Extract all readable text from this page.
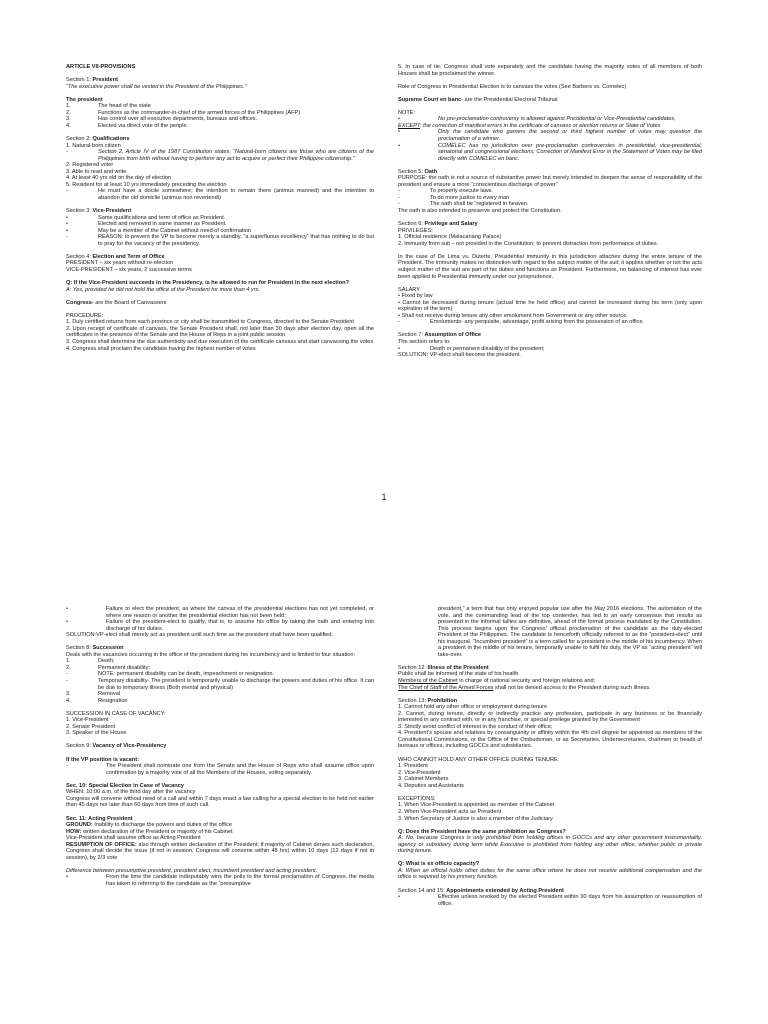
ARTICLE VII-PROVISIONS
Section 1: President
“The executive power shall be vested in the President of the Philippines.”
The president
1.	The head of the state
2.	Functions as the commander-in-chief of the armed forces of the Philippines (AFP)
3.	Has control over all executive departments, bureaus and offices.
4.	Elected via direct vote of the people.
Section 2: Qualifications
1. Natural-born citizen
-	Section 2, Article IV of the 1987 Constitution states, “Natural-born citizens are those who are citizens of the Philippines from birth without having to perform any act to acquire or perfect their Philippine citizenship.”
2. Registered voter
3. Able to read and write
4. At least 40 yrs old on the day of election
5. Resident for at least 10 yrs immediately preceding the election
-	He must have a docile somewhere; the intention to remain there (animus manned) and the intention to abandon the old domicile (animus non revertendi)
Section 3: Vice-President
•	Same qualifications and term of office as President.
•	Elected and removed in same manner as President.
•	May be a member of the Cabinet without need of confirmation
-	REASON: to prevent the VP to become merely a standby, “a superfluous excellency” that has nothing to do but to pray for the vacancy of the presidency.
Section 4: Election and Term of Office
PRESIDENT – six years without re-election
VICE-PRESIDENT – six years, 2 successive terms
Q: If the Vice-President succeeds in the Presidency, is he allowed to run for President in the next election?
A: Yes, provided he did not hold the office of the President for more than 4 yrs.
Congress- are the Board of Canvassers
PROCEDURE:
1. Duly certified returns from each province or city shall be transmitted to Congress, directed to the Senate President
2. Upon receipt of certificate of canvass, the Senate President shall, not later than 30 days after election day, open all the certificates in the presence of the Senate and the House of Reps in a joint public session
3. Congress shall determine the due authenticity and due execution of the certificate canvass and start canvassing the votes
4. Congress shall proclaim the candidate having the highest number of votes
5. In case of tie, Congress shall vote separately and the candidate having the majority votes of all members of both Houses shall be proclaimed the winner.
Role of Congress in Presidential Election is to canvass the votes (See Barbers vs. Comelec)
Supreme Court en banc- are the Presidential Electoral Tribunal
NOTE:
•	No pre-proclamation controversy is allowed against Presidential or Vice-Presidential candidates,
EXCEPT: the correction of manifest errors in the certificate of canvass or election returns or State of Votes
•	Only the candidate who garners the second or third highest number of votes may question the proclamation of a winner.
•	COMELEC has no jurisdiction over pre-proclamation controversies in presidential, vice-presidential, senatorial and congressional elections; Correction of Manifest Error in the Statement of Votes may be filed directly with COMELEC en banc.
Section 5: Oath
PURPOSE: the oath is not a source of substantive power but merely intended to deepen the sense of responsibility of the president and ensure a more “conscientious discharge of power”
-	To properly execute laws
-	To do more justice to every man
-	The oath shall be “registered in heaven.
The oath is also intended to preserve and protect the Constitution.
Section 6: Privilege and Salary
PRIVILEGES:
1. Official residence (Malacanang Palace)
2. Immunity from suit – not provided in the Constitution; to prevent distraction from performance of duties.
In the case of De Lima vs. Duterte, Presidential immunity in this jurisdiction attaches during the entire tenure of the President. The immunity makes no distinction with regard to the subject matter of the suit; it applies whether or not the acts subject matter of the suit are part of his duties and functions as President. Furthermore, no balancing of interest has ever been applied to Presidential immunity under our jurisprudence.
SALARY
• Fixed by law
• Cannot be decreased during tenure (actual time he held office) and cannot be increased during his term (only upon expiration of the term)
• Shall not receive during tenure any other emolument from Government or any other source.
-	Emoluments- any perquisite, advantage, profit arising from the possession of an office.
Section 7: Assumption of Office
The section refers to:
•	Death or permanent disability of the president;
SOLUTION: VP-elect shall become the president.
1
•	Failure to elect the president, as where the canvas of the presidential elections has not yet completed, or where one reason or another the presidential election has not been held;
•	Failure of the president-elect to qualify, that is, to assume his office by taking the oath and entering into discharge of his duties.
SOLUTION:VP-elect shall merely act as president until such time as the president shall have been qualified.
Section 8: Succession
Deals with the vacancies occurring in the office of the president during his incumbency and is limited to four situation:
1.	Death;
2.	Permanent disability;
-	NOTE: permanent disability can be death, impeachment or resignation.
-	Temporary disability- The president is temporarily unable to discharge the powers and duties of his office. It can be due to temporary illness (Both mental and physical)
3.	Removal
4.	Resignation
SUCCESSION IN CASE OF VACANCY:
1. Vice-President
2. Senate President
3. Speaker of the House
Section 9: Vacancy of Vice-Presidency
If the VP position is vacant:
-	The President shall nominate one from the Senate and the House of Reps who shall assume office upon confirmation by a majority vote of all the Members of the Houses, voting separately.
Sec. 10: Special Election in Case of Vacancy
WHEN: 10:00 a.m. of the third day after the vacancy
Congress will convene without need of a call and within 7 days enact a law calling for a special election to be held not earlier than 45 days nor later than 60 days from time of such call.
Sec. 11: Acting President
GROUND: Inability to discharge the powers and duties of the office
HOW: written declaration of the President or majority of his Cabinet
Vice-President shall assume office as Acting President
RESUMPTION OF OFFICE: also through written declaration of the President; if majority of Cabinet denies such declaration, Congress shall decide the issue (if not in session, Congress will convene within 48 hrs) within 10 days (12 days if not in session), by 2/3 vote
Difference between presumptive president, president elect, incumbent president and acting president.
•	From the time the candidate indisputably wins the polls to the formal proclamation of Congress, the media has taken to referring to the candidate as the “presumptive
president,” a term that has only enjoyed popular use after the May 2016 elections. The automation of the vote, and the commanding lead of the top contender, has led to an early consensus that results as presented in the informal tallies are definitive, ahead of the formal process mandated by the Constitution. This process begins upon the Congress’ official proclamation of the candidate as the duly-elected President of the Philippines. The candidate is henceforth officially referred to as the “president-elect” until his inaugural. “Incumbent president” is a term called for a president in the middle of his incumbency. When a president in the middle of his tenure, temporarily unable to fulfil his duty, the VP as “acting president” will take-over.
Section 12: Illness of the President
Public shall be informed of the state of his health
Members of the Cabinet in charge of national security and foreign relations and;
The Chief of Staff of the Armed Forces shall not be denied access to the President during such illness.
Section 13: Prohibition
1. Cannot hold any other office or employment during tenure
2. Cannot, during tenure, directly or indirectly practice any profession, participate in any business or be financially interested in any contract with, or in any franchise, or special privilege granted by the Government
3. Strictly avoid conflict of interest in the conduct of their office;
4. President’s spouse and relatives by consanguinity or affinity within the 4th civil degree be appointed as members of the Constitutional Commissions, or the Office of the Ombudsman, or as Secretaries, Undersecretaries, chairmen or heads of bureaus or offices, including GOCCs and subsidiaries.
WHO CANNOT HOLD ANY OTHER OFFICE DURING TENURE:
1. President
2. Vice-President
3. Cabinet Members
4. Deputies and Assistants
EXCEPTIONS:
1. When Vice-President is appointed as member of the Cabinet
2. When Vice-President acts as President
3. When Secretary of Justice is also a member of the Judiciary
Q: Does the President have the same prohibition as Congress?
A: No, because Congress is only prohibited from holding offices in GOCCs and any other government instrumentality, agency or subsidiary during term while Executive is prohibited from holding any other office, whether public or private during tenure.
Q: What is ex officio capacity?
A: When an official holds other duties for the same office where he does not receive additional compensation and the office is required by his primary function.
Section 14 and 15: Appointments extended by Acting President
•	Effective unless revoked by the elected President within 90 days from his assumption or reassumption of office.
